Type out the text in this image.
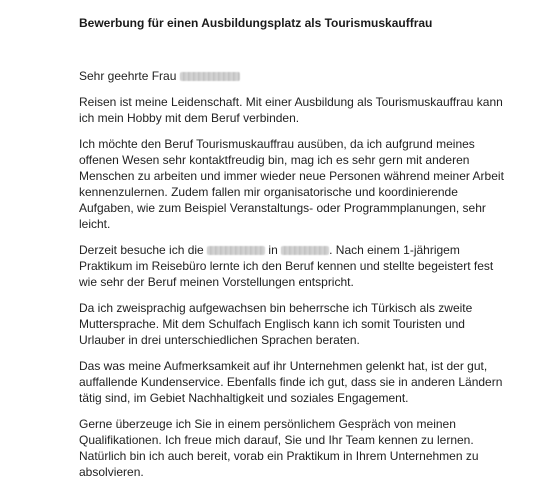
Bewerbung für einen Ausbildungsplatz als Tourismuskauffrau

Sehr geehrte Frau

Reisen ist meine Leidenschaft. Mit einer Ausbildung als Tourismuskauffrau kann ich mein Hobby mit dem Beruf verbinden.

Ich möchte den Beruf Tourismuskauffrau ausüben, da ich aufgrund meines offenen Wesen sehr kontaktfreudig bin, mag ich es sehr gern mit anderen Menschen zu arbeiten und immer wieder neue Personen während meiner Arbeit kennenzulernen. Zudem fallen mir organisatorische und koordinierende Aufgaben, wie zum Beispiel Veranstaltungs- oder Programmplanungen, sehr leicht.

Derzeit besuche ich die	in	. Nach einem 1-jährigem Praktikum im Reisebüro lernte ich den Beruf kennen und stellte begeistert fest wie sehr der Beruf meinen Vorstellungen entspricht.

Da ich zweisprachig aufgewachsen bin beherrsche ich Türkisch als zweite Muttersprache. Mit dem Schulfach Englisch kann ich somit Touristen und Urlauber in drei unterschiedlichen Sprachen beraten.

Das was meine Aufmerksamkeit auf ihr Unternehmen gelenkt hat, ist der gut, auffallende Kundenservice. Ebenfalls finde ich gut, dass sie in anderen Ländern tätig sind, im Gebiet Nachhaltigkeit und soziales Engagement.

Gerne überzeuge ich Sie in einem persönlichem Gespräch von meinen Qualifikationen. Ich freue mich darauf, Sie und Ihr Team kennen zu lernen. Natürlich bin ich auch bereit, vorab ein Praktikum in Ihrem Unternehmen zu absolvieren.
